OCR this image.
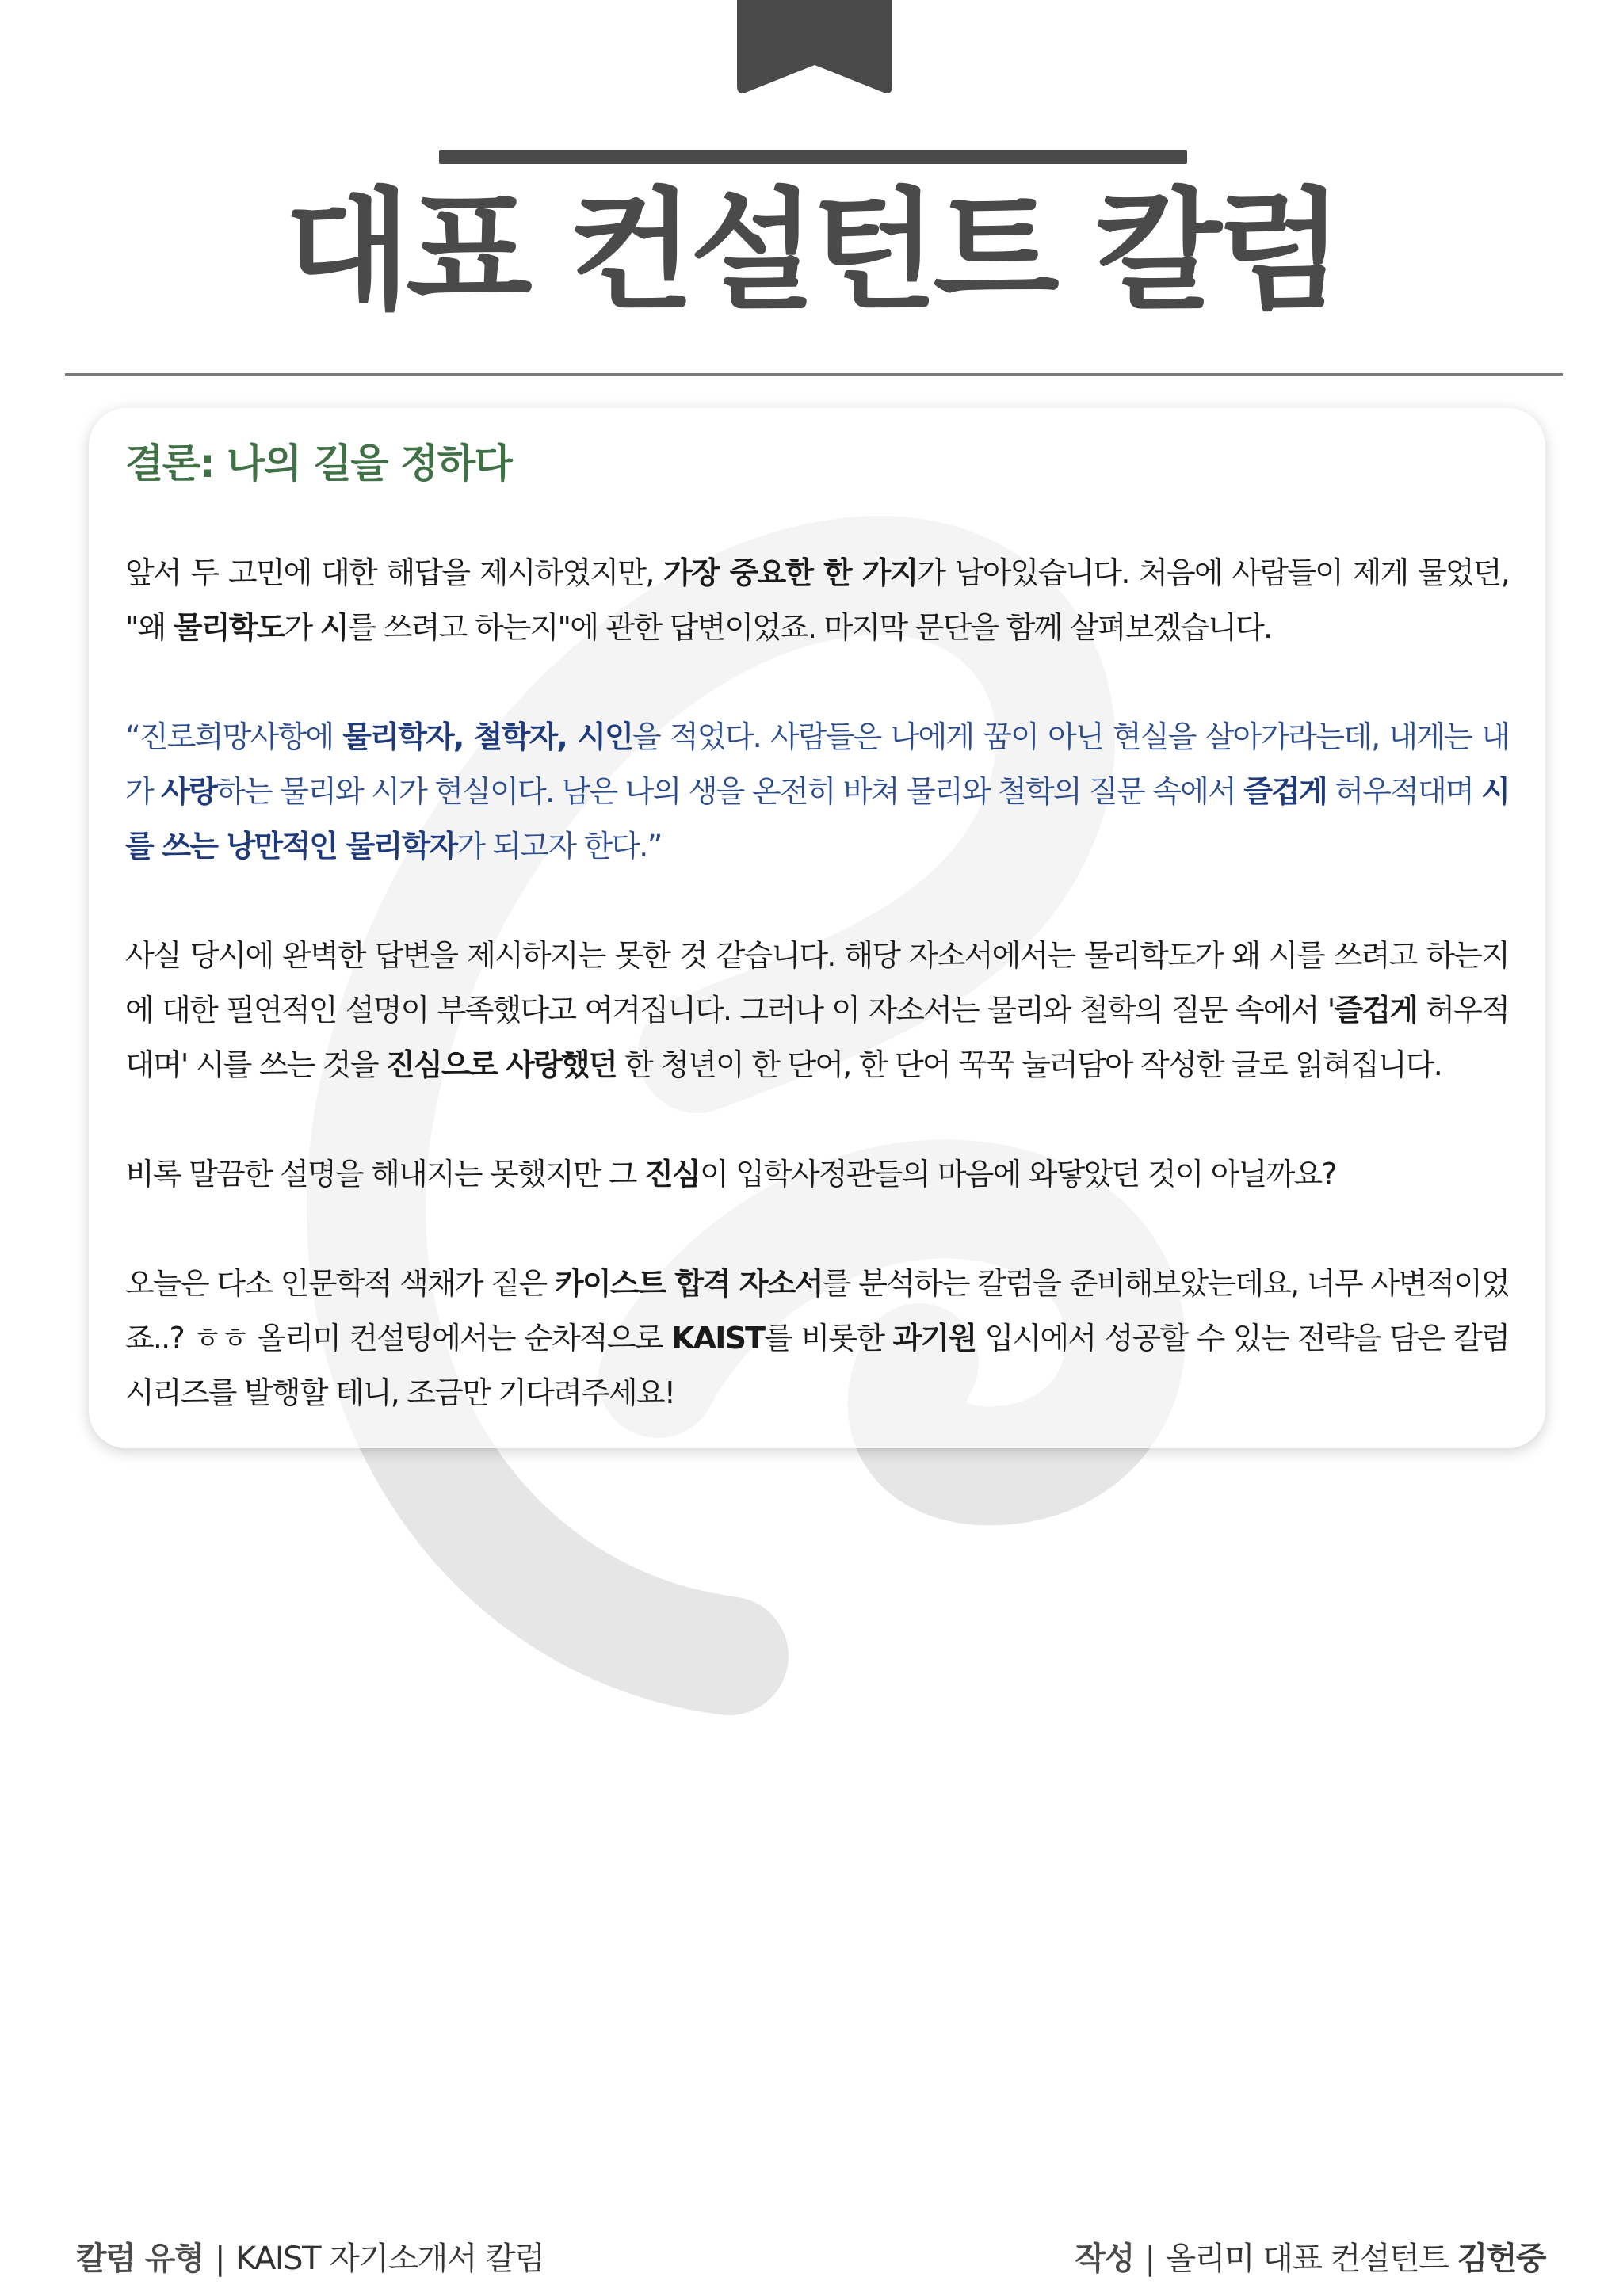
대표 컨설턴트 칼럼
결론: 나의 길을 정하다

앞서 두 고민에 대한 해답을 제시하였지만, 가장 중요한 한 가지가 남아있습니다. 처음에 사람들이 제게 물었던, "왜 물리학도가 시를 쓰려고 하는지"에 관한 답변이었죠. 마지막 문단을 함께 살펴보겠습니다.

“진로희망사항에 물리학자, 철학자, 시인을 적었다. 사람들은 나에게 꿈이 아닌 현실을 살아가라는데, 내게는 내가 사랑하는 물리와 시가 현실이다. 남은 나의 생을 온전히 바쳐 물리와 철학의 질문 속에서 즐겁게 허우적대며 시를 쓰는 낭만적인 물리학자가 되고자 한다.”

사실 당시에 완벽한 답변을 제시하지는 못한 것 같습니다. 해당 자소서에서는 물리학도가 왜 시를 쓰려고 하는지에 대한 필연적인 설명이 부족했다고 여겨집니다. 그러나 이 자소서는 물리와 철학의 질문 속에서 '즐겁게 허우적대며' 시를 쓰는 것을 진심으로 사랑했던 한 청년이 한 단어, 한 단어 꾹꾹 눌러담아 작성한 글로 읽혀집니다.

비록 말끔한 설명을 해내지는 못했지만 그 진심이 입학사정관들의 마음에 와닿았던 것이 아닐까요?

오늘은 다소 인문학적 색채가 짙은 카이스트 합격 자소서를 분석하는 칼럼을 준비해보았는데요, 너무 사변적이었죠..? ㅎㅎ 올리미 컨설팅에서는 순차적으로 KAIST를 비롯한 과기원 입시에서 성공할 수 있는 전략을 담은 칼럼 시리즈를 발행할 테니, 조금만 기다려주세요!

칼럼 유형 | KAIST 자기소개서 칼럼	작성 | 올리미 대표 컨설턴트 김헌중
